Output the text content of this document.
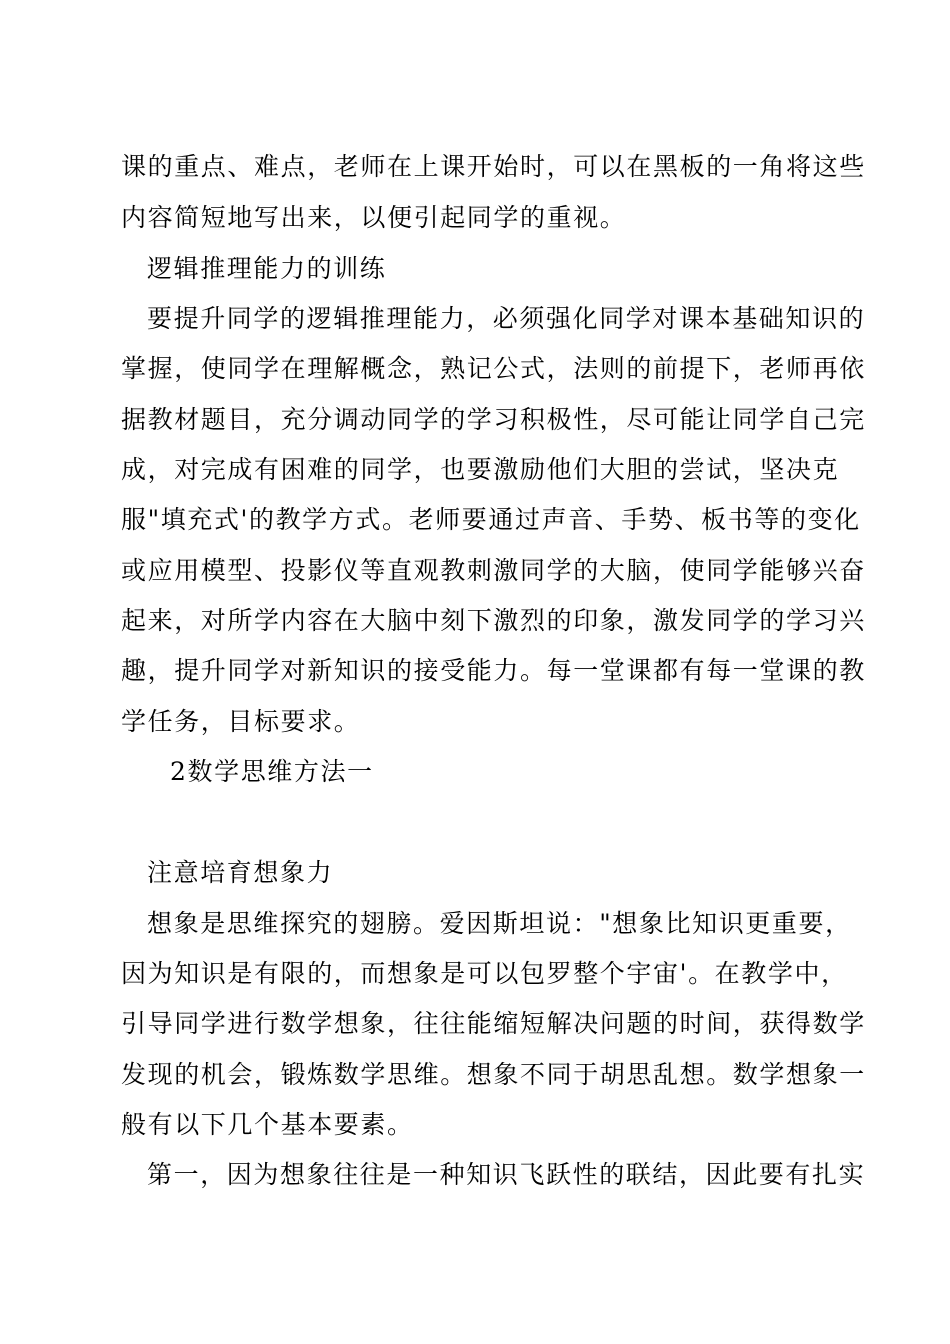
课的重点、难点，老师在上课开始时，可以在黑板的一角将这些
内容简短地写出来，以便引起同学的重视。
逻辑推理能力的训练
要提升同学的逻辑推理能力，必须强化同学对课本基础知识的
掌握，使同学在理解概念，熟记公式，法则的前提下，老师再依
据教材题目，充分调动同学的学习积极性，尽可能让同学自己完
成，对完成有困难的同学，也要激励他们大胆的尝试，坚决克
服"填充式'的教学方式。老师要通过声音、手势、板书等的变化
或应用模型、投影仪等直观教刺激同学的大脑，使同学能够兴奋
起来，对所学内容在大脑中刻下激烈的印象，激发同学的学习兴
趣，提升同学对新知识的接受能力。每一堂课都有每一堂课的教
学任务，目标要求。
2数学思维方法一
注意培育想象力
想象是思维探究的翅膀。爱因斯坦说："想象比知识更重要，
因为知识是有限的，而想象是可以包罗整个宇宙'。在教学中，
引导同学进行数学想象，往往能缩短解决问题的时间，获得数学
发现的机会，锻炼数学思维。想象不同于胡思乱想。数学想象一
般有以下几个基本要素。
第一，因为想象往往是一种知识飞跃性的联结，因此要有扎实
